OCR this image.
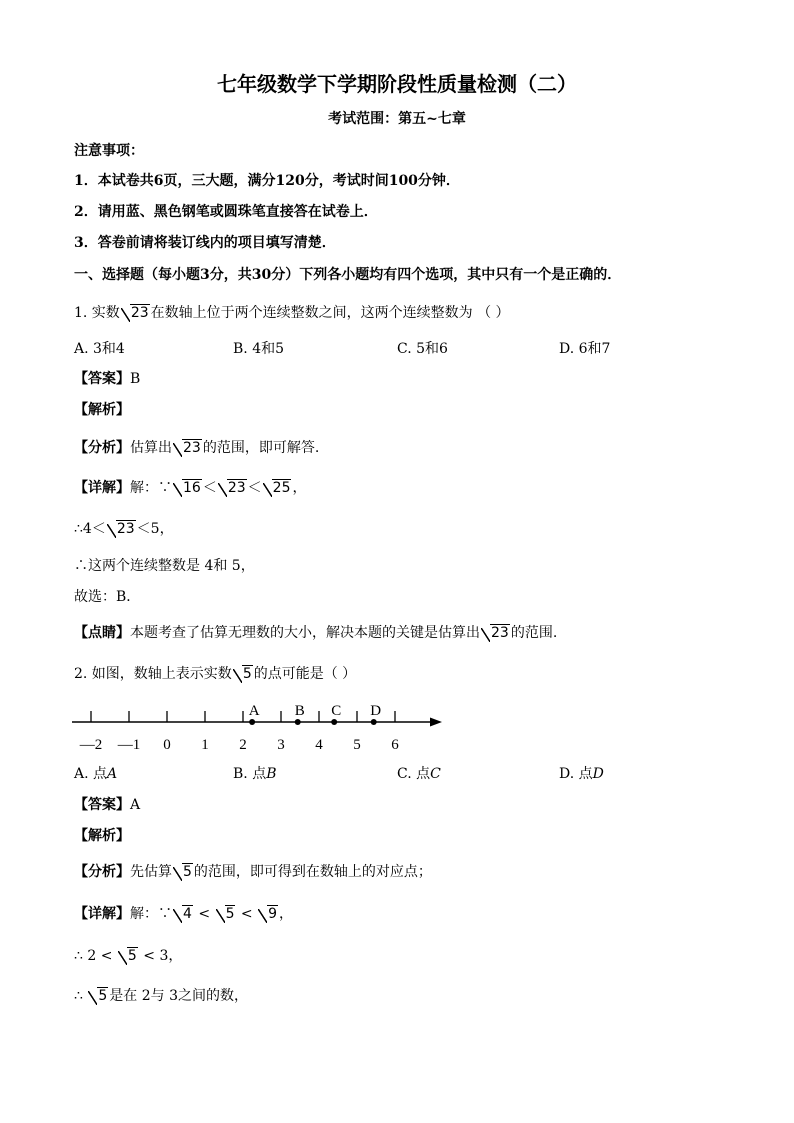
七年级数学下学期阶段性质量检测（二）
考试范围：第五~七章
注意事项：
1．本试卷共6页，三大题，满分120分，考试时间100分钟．
2．请用蓝、黑色钢笔或圆珠笔直接答在试卷上．
3．答卷前请将装订线内的项目填写清楚．
一、选择题（每小题3分，共30分）下列各小题均有四个选项，其中只有一个是正确的．
1. 实数 23 在数轴上位于两个连续整数之间，这两个连续整数为 （ ）
A. 3和4	B. 4和5	C. 5和6	D. 6和7
【答案】B
【解析】
【分析】估算出 23 的范围，即可解答.
【详解】解：∵ 16 ＜ 23 ＜ 25 ，
∴4＜ 23 ＜5，
∴这两个连续整数是 4和 5，
故选：B．
【点睛】本题考查了估算无理数的大小，解决本题的关键是估算出 23 的范围.
2. 如图，数轴上表示实数 5 的点可能是（ ）
—2 —1 0 1 2 3 4 5 6
A B C D
A. 点A	B. 点B	C. 点C	D. 点D
【答案】A
【解析】
【分析】先估算 5 的范围，即可得到在数轴上的对应点；
【详解】解：∵ 4 < 5 < 9 ，
∴ 2 < 5 < 3，
∴ 5 是在 2与 3之间的数，
